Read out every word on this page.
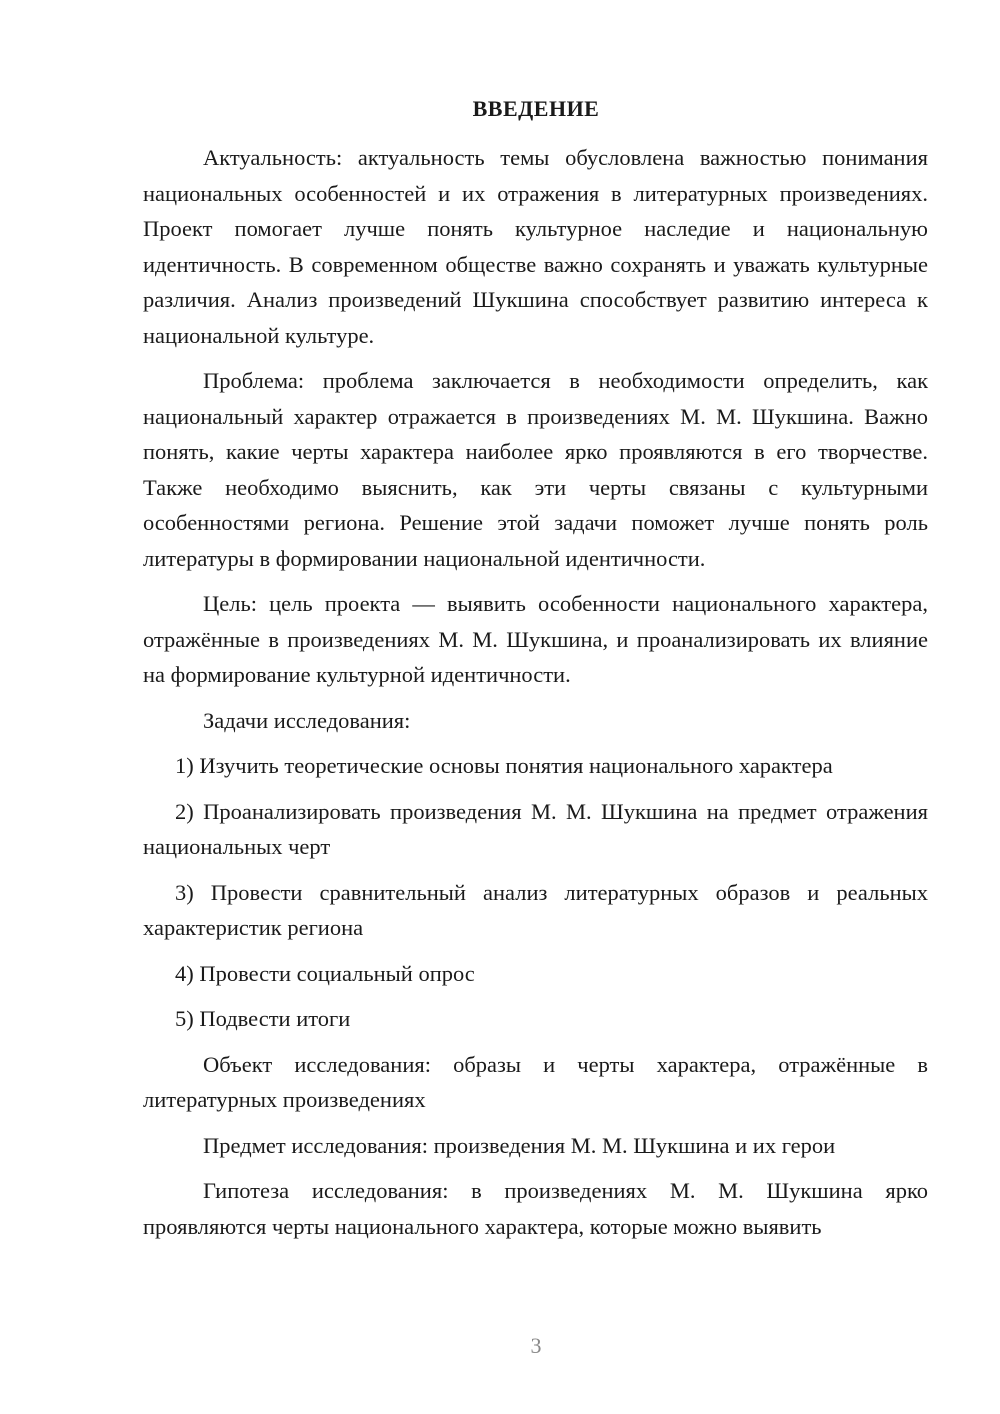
ВВЕДЕНИЕ

Актуальность: актуальность темы обусловлена важностью понимания национальных особенностей и их отражения в литературных произведениях. Проект помогает лучше понять культурное наследие и национальную идентичность. В современном обществе важно сохранять и уважать культурные различия. Анализ произведений Шукшина способствует развитию интереса к национальной культуре.

Проблема: проблема заключается в необходимости определить, как национальный характер отражается в произведениях М. М. Шукшина. Важно понять, какие черты характера наиболее ярко проявляются в его творчестве. Также необходимо выяснить, как эти черты связаны с культурными особенностями региона. Решение этой задачи поможет лучше понять роль литературы в формировании национальной идентичности.

Цель: цель проекта — выявить особенности национального характера, отражённые в произведениях М. М. Шукшина, и проанализировать их влияние на формирование культурной идентичности.

Задачи исследования:

1) Изучить теоретические основы понятия национального характера

2) Проанализировать произведения М. М. Шукшина на предмет отражения национальных черт

3) Провести сравнительный анализ литературных образов и реальных характеристик региона

4) Провести социальный опрос

5) Подвести итоги

Объект исследования: образы и черты характера, отражённые в литературных произведениях

Предмет исследования: произведения М. М. Шукшина и их герои

Гипотеза исследования: в произведениях М. М. Шукшина ярко проявляются черты национального характера, которые можно выявить

3
